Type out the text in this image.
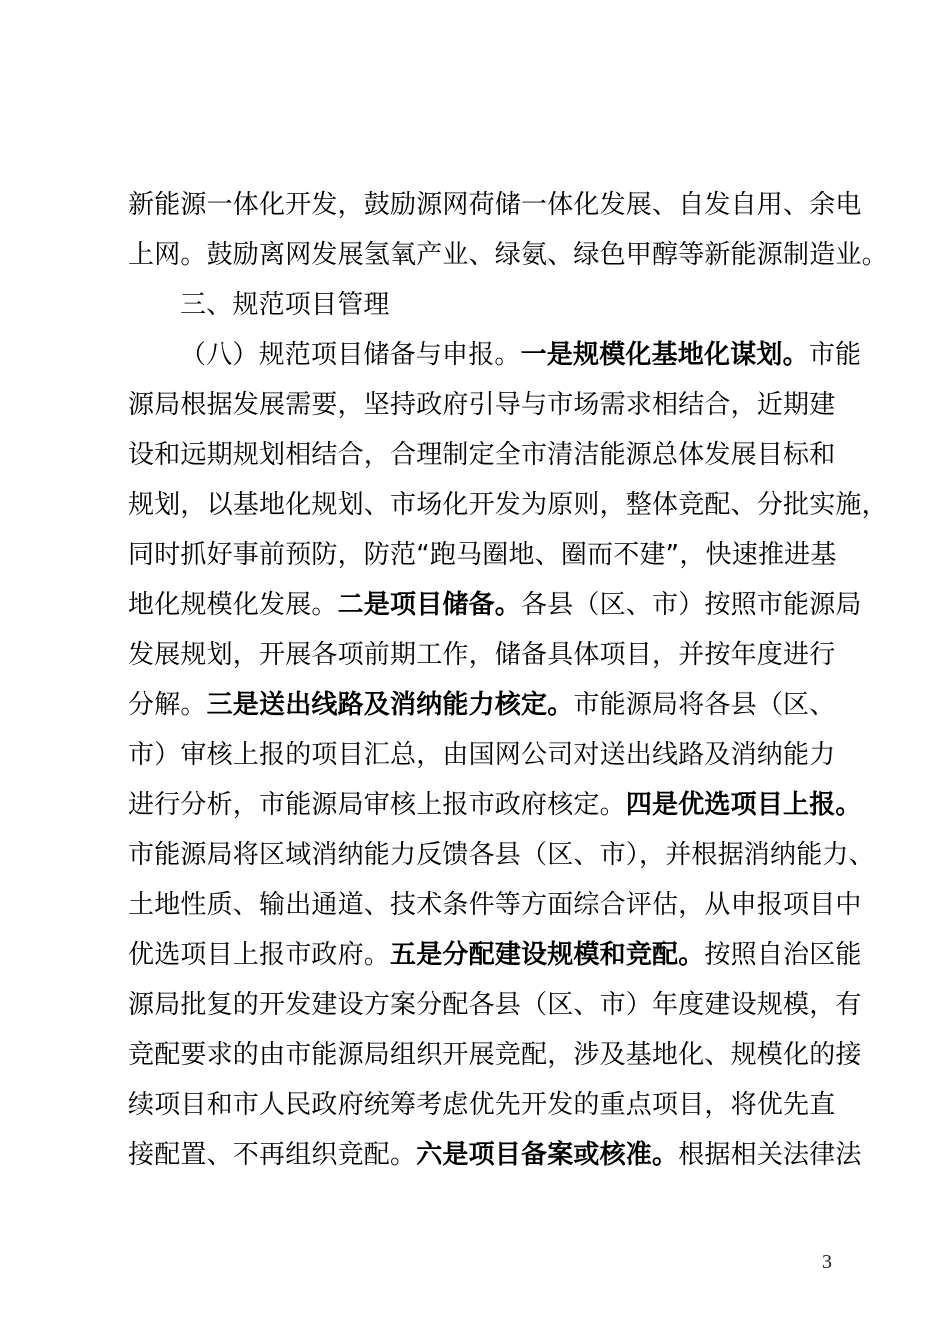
新能源一体化开发，鼓励源网荷储一体化发展、自发自用、余电
上网。鼓励离网发展氢氧产业、绿氨、绿色甲醇等新能源制造业。
三、规范项目管理
（八）规范项目储备与申报。一是规模化基地化谋划。市能
源局根据发展需要，坚持政府引导与市场需求相结合，近期建
设和远期规划相结合，合理制定全市清洁能源总体发展目标和
规划，以基地化规划、市场化开发为原则，整体竞配、分批实施，
同时抓好事前预防，防范“跑马圈地、圈而不建”，快速推进基
地化规模化发展。二是项目储备。各县（区、市）按照市能源局
发展规划，开展各项前期工作，储备具体项目，并按年度进行
分解。三是送出线路及消纳能力核定。市能源局将各县（区、
市）审核上报的项目汇总，由国网公司对送出线路及消纳能力
进行分析，市能源局审核上报市政府核定。四是优选项目上报。
市能源局将区域消纳能力反馈各县（区、市），并根据消纳能力、
土地性质、输出通道、技术条件等方面综合评估，从申报项目中
优选项目上报市政府。五是分配建设规模和竞配。按照自治区能
源局批复的开发建设方案分配各县（区、市）年度建设规模，有
竞配要求的由市能源局组织开展竞配，涉及基地化、规模化的接
续项目和市人民政府统筹考虑优先开发的重点项目，将优先直
接配置、不再组织竞配。六是项目备案或核准。根据相关法律法
3
